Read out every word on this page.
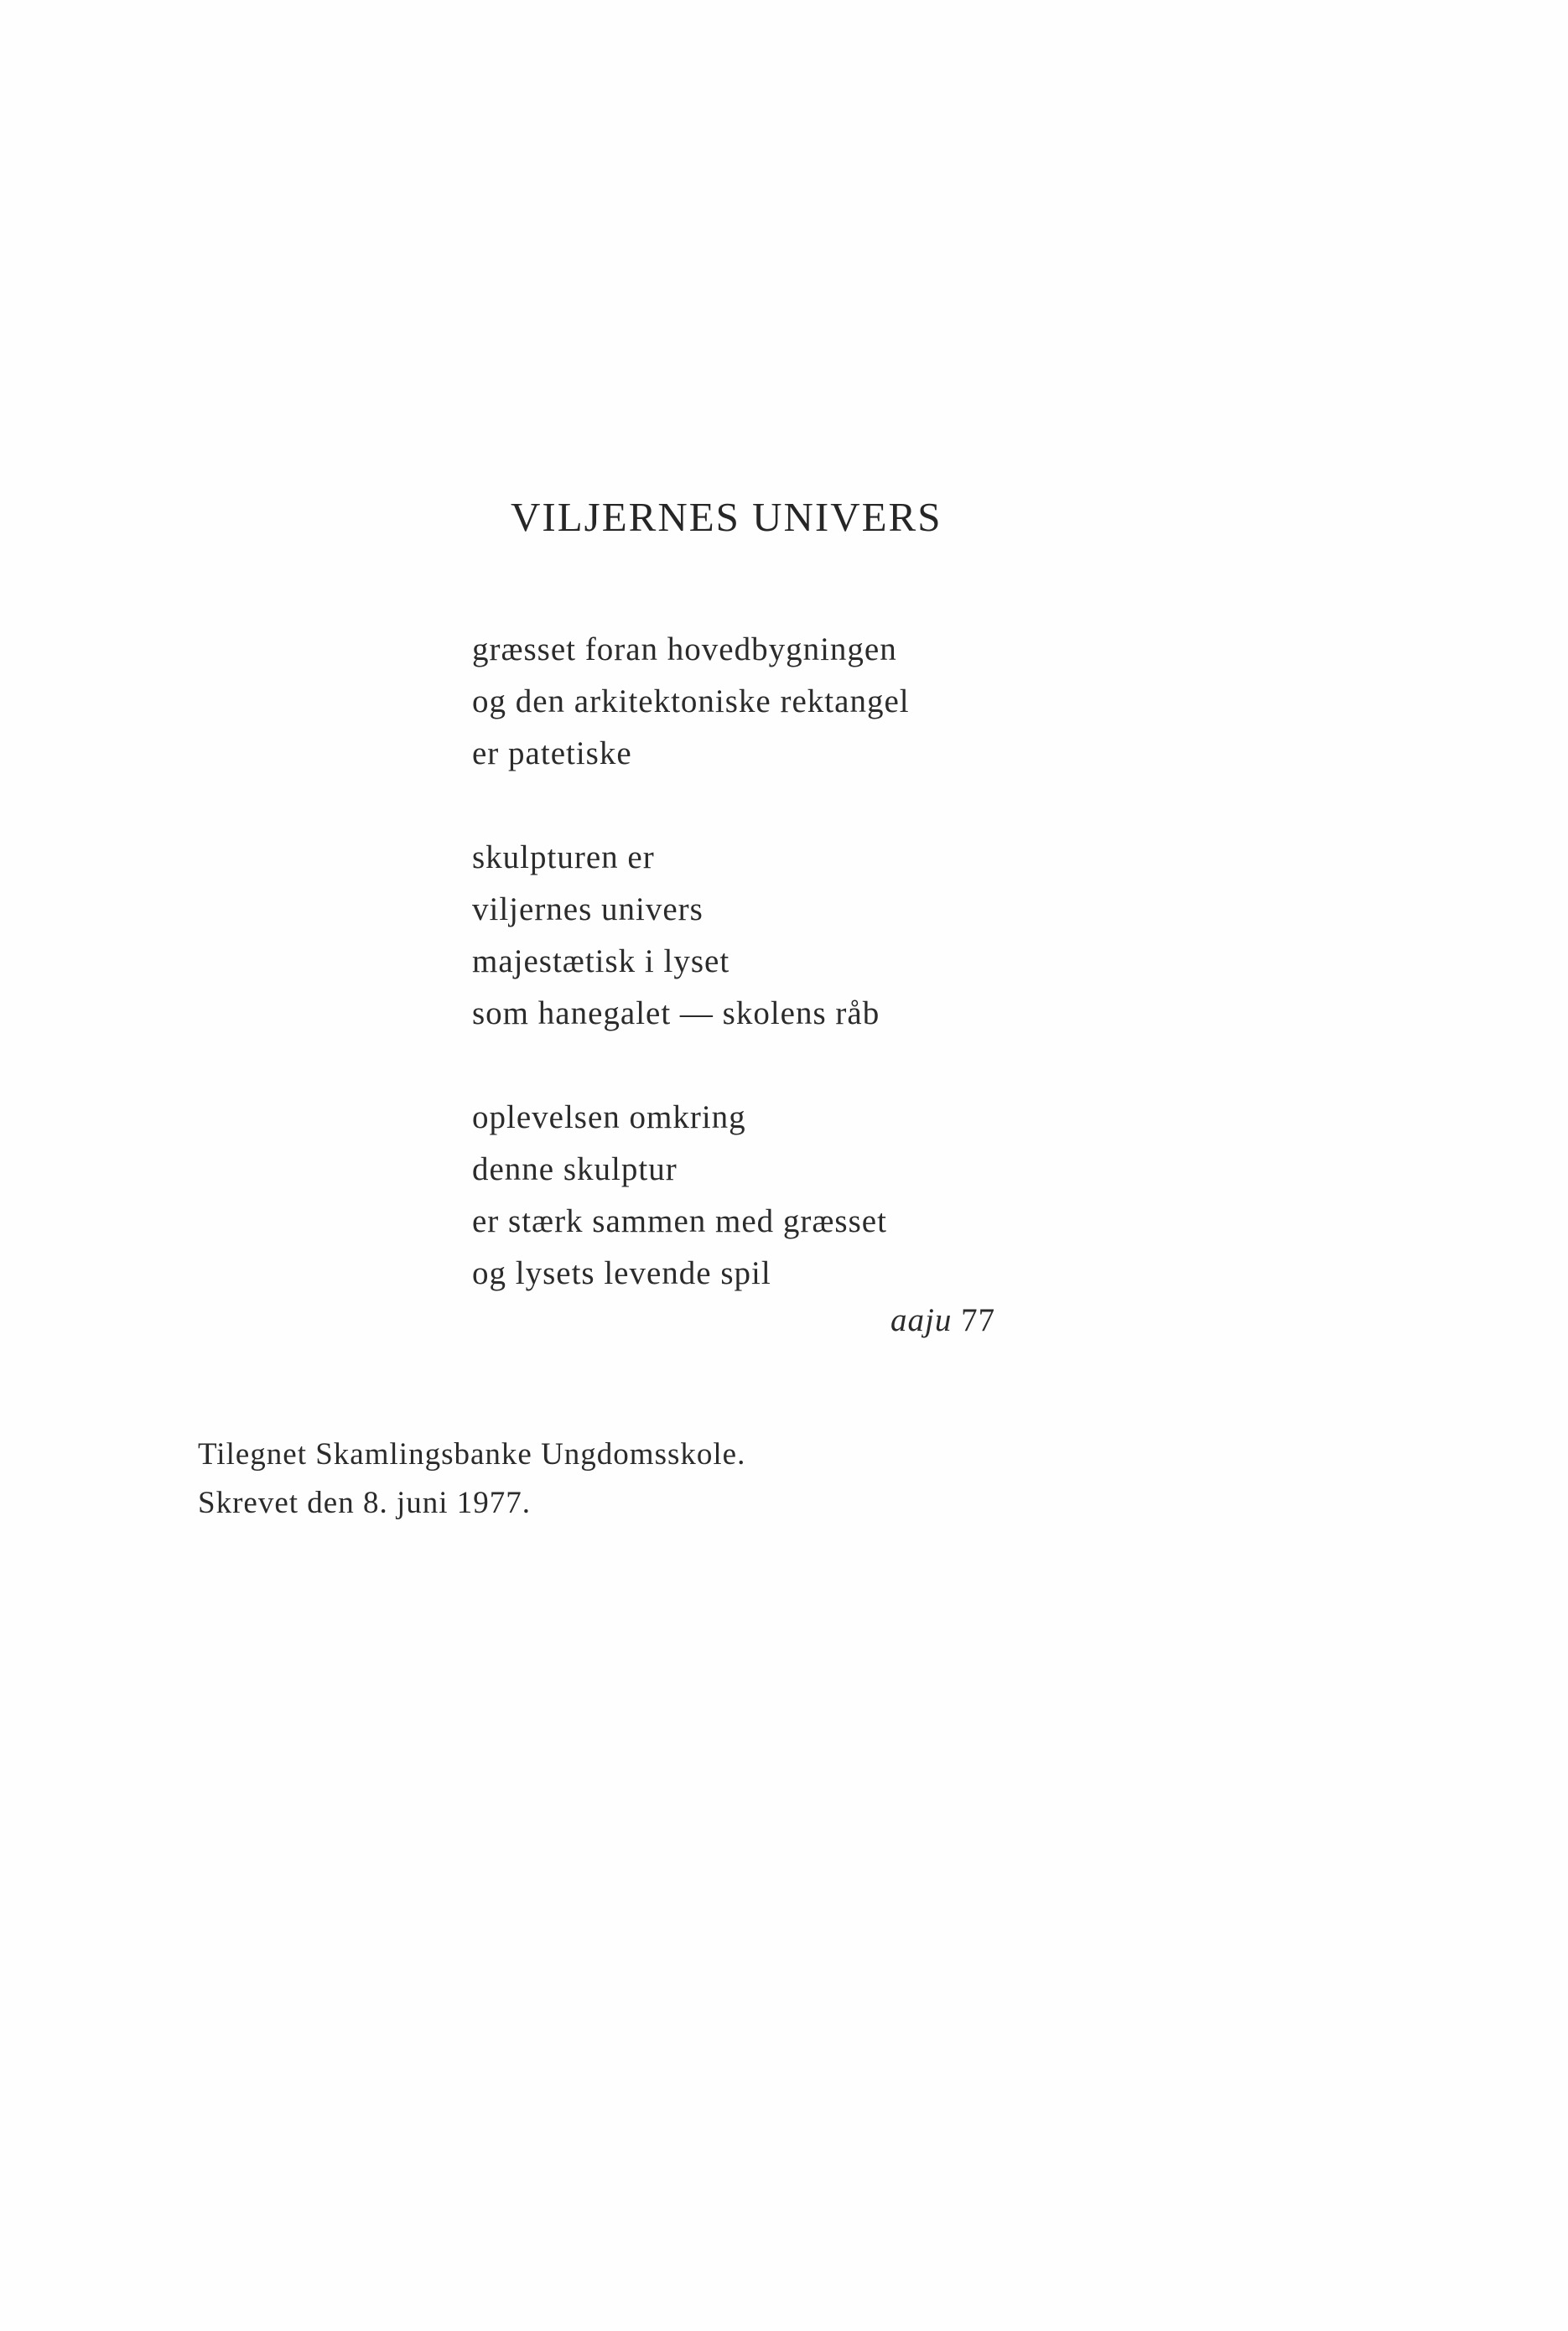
VILJERNES UNIVERS

græsset foran hovedbygningen
og den arkitektoniske rektangel
er patetiske

skulpturen er
viljernes univers
majestætisk i lyset
som hanegalet — skolens råb

oplevelsen omkring
denne skulptur
er stærk sammen med græsset
og lysets levende spil

aaju 77
Tilegnet Skamlingsbanke Ungdomsskole.
Skrevet den 8. juni 1977.
